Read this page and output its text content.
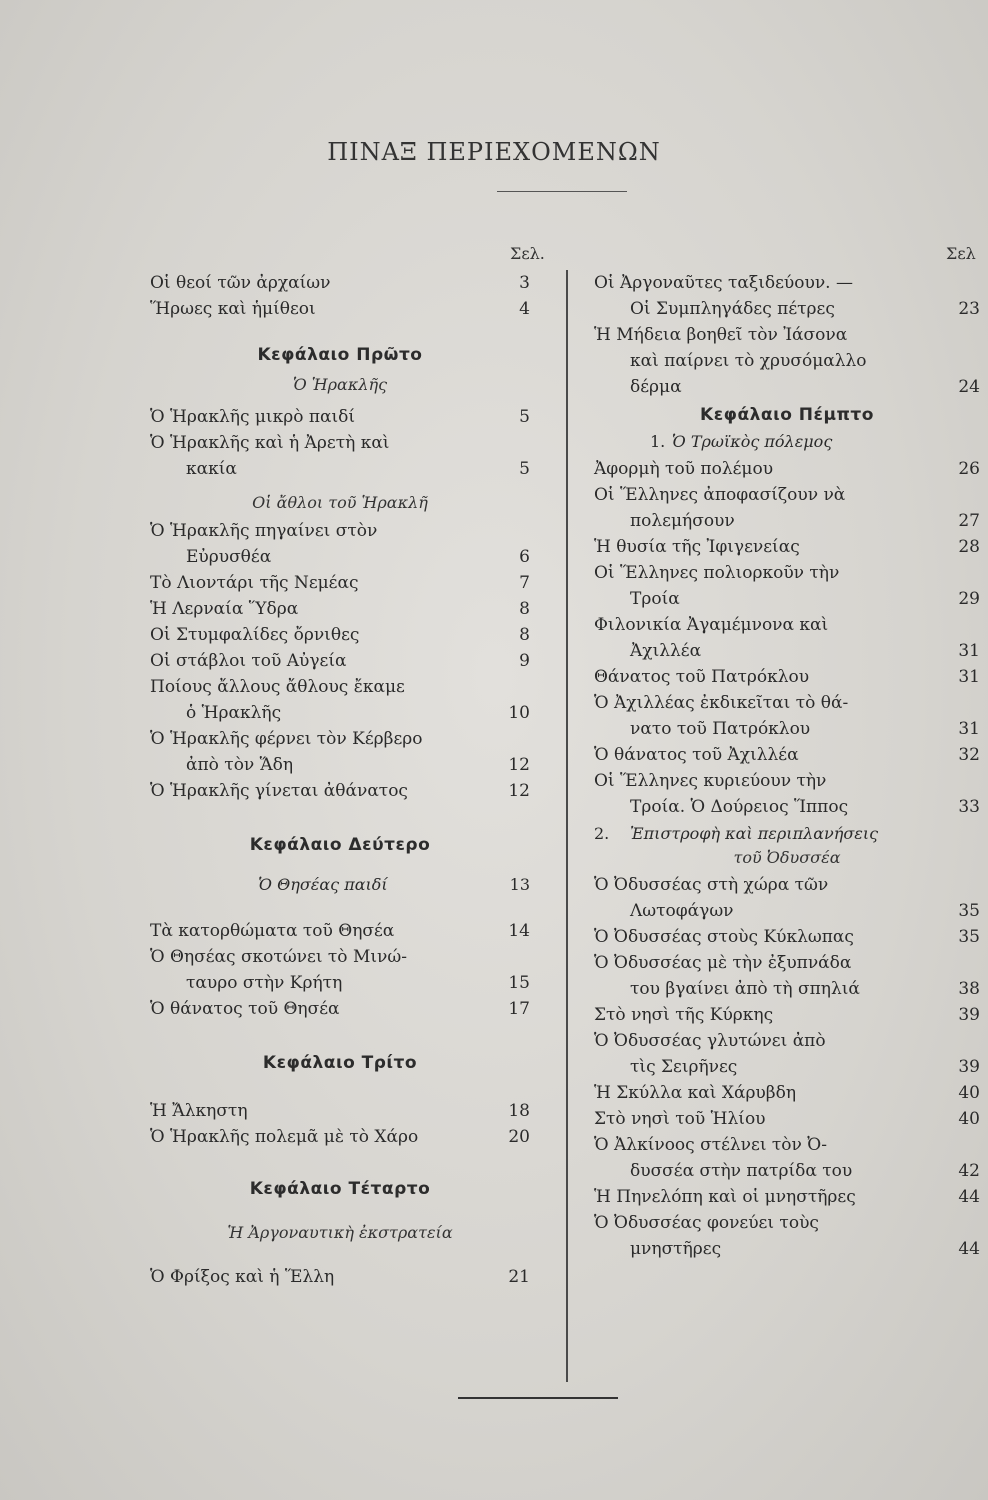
ΠΙΝΑΞ ΠΕΡΙΕΧΟΜΕΝΩΝ
Σελ.	Σελ
Οἱ θεοί τῶν ἀρχαίων	3
Ἥρωες καὶ ἡμίθεοι	4
Κεφάλαιο Πρῶτο
Ὁ Ἡρακλῆς
Ὁ Ἡρακλῆς μικρὸ παιδί	5
Ὁ Ἡρακλῆς καὶ ἡ Ἀρετὴ καὶ
κακία	5
Οἱ ἄθλοι τοῦ Ἡρακλῆ
Ὁ Ἡρακλῆς πηγαίνει στὸν
Εὐρυσθέα	6
Τὸ Λιοντάρι τῆς Νεμέας	7
Ἡ Λερναία Ὕδρα	8
Οἱ Στυμφαλίδες ὄρνιθες	8
Οἱ στάβλοι τοῦ Αὐγεία	9
Ποίους ἄλλους ἄθλους ἔκαμε
ὁ Ἡρακλῆς	10
Ὁ Ἡρακλῆς φέρνει τὸν Κέρβερο
ἀπὸ τὸν Ἅδη	12
Ὁ Ἡρακλῆς γίνεται ἀθάνατος	12
Κεφάλαιο Δεύτερο
Ὁ Θησέας παιδί	13
Τὰ κατορθώματα τοῦ Θησέα	14
Ὁ Θησέας σκοτώνει τὸ Μινώ-
ταυρο στὴν Κρήτη	15
Ὁ θάνατος τοῦ Θησέα	17
Κεφάλαιο Τρίτο
Ἡ Ἄλκηστη	18
Ὁ Ἡρακλῆς πολεμᾶ μὲ τὸ Χάρο	20
Κεφάλαιο Τέταρτο
Ἡ Ἀργοναυτικὴ ἐκστρατεία
Ὁ Φρίξος καὶ ἡ Ἕλλη	21
Οἱ Ἀργοναῦτες ταξιδεύουν. —
Οἱ Συμπληγάδες πέτρες	23
Ἡ Μήδεια βοηθεῖ τὸν Ἰάσονα
καὶ παίρνει τὸ χρυσόμαλλο
δέρμα	24
Κεφάλαιο Πέμπτο
1. Ὁ Τρωϊκὸς πόλεμος
Ἀφορμὴ τοῦ πολέμου	26
Οἱ Ἕλληνες ἀποφασίζουν νὰ
πολεμήσουν	27
Ἡ θυσία τῆς Ἰφιγενείας	28
Οἱ Ἕλληνες πολιορκοῦν τὴν
Τροία	29
Φιλονικία Ἀγαμέμνονα καὶ
Ἀχιλλέα	31
Θάνατος τοῦ Πατρόκλου	31
Ὁ Ἀχιλλέας ἐκδικεῖται τὸ θά-
νατο τοῦ Πατρόκλου	31
Ὁ θάνατος τοῦ Ἀχιλλέα	32
Οἱ Ἕλληνες κυριεύουν τὴν
Τροία. Ὁ Δούρειος Ἵππος	33
2.	Ἐπιστροφὴ καὶ περιπλανήσεις
τοῦ Ὀδυσσέα
Ὁ Ὀδυσσέας στὴ χώρα τῶν
Λωτοφάγων	35
Ὁ Ὀδυσσέας στοὺς Κύκλωπας	35
Ὁ Ὀδυσσέας μὲ τὴν ἐξυπνάδα
του βγαίνει ἀπὸ τὴ σπηλιά	38
Στὸ νησὶ τῆς Κύρκης	39
Ὁ Ὀδυσσέας γλυτώνει ἀπὸ
τὶς Σειρῆνες	39
Ἡ Σκύλλα καὶ Χάρυβδη	40
Στὸ νησὶ τοῦ Ἡλίου	40
Ὁ Ἀλκίνοος στέλνει τὸν Ὀ-
δυσσέα στὴν πατρίδα του	42
Ἡ Πηνελόπη καὶ οἱ μνηστῆρες	44
Ὁ Ὀδυσσέας φονεύει τοὺς
μνηστῆρες	44
